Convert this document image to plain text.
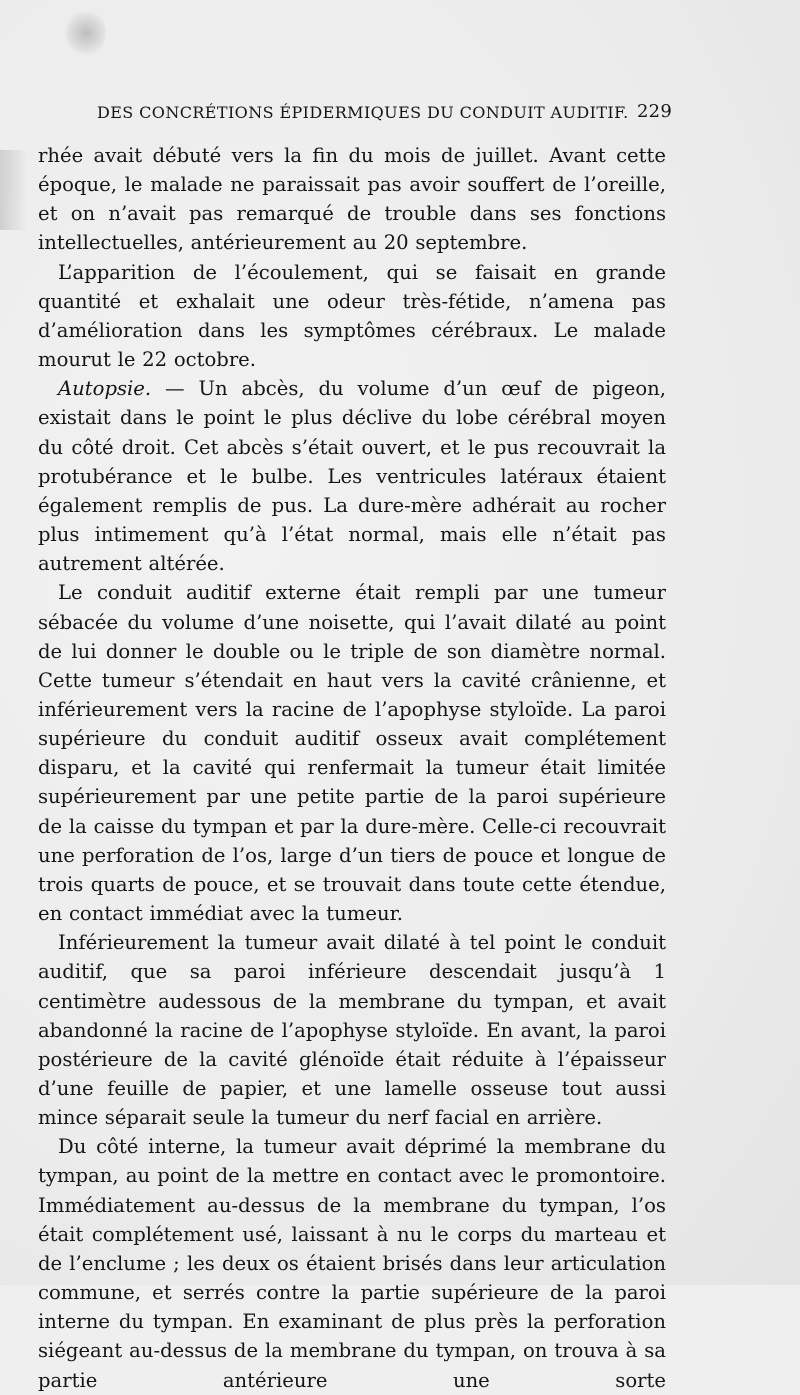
DES CONCRÉTIONS ÉPIDERMIQUES DU CONDUIT AUDITIF. 229

rhée avait débuté vers la fin du mois de juillet. Avant cette époque, le malade ne paraissait pas avoir souffert de l’oreille, et on n’avait pas remarqué de trouble dans ses fonctions intellectuelles, antérieurement au 20 septembre.

L’apparition de l’écoulement, qui se faisait en grande quantité et exhalait une odeur très-fétide, n’amena pas d’amélioration dans les symptômes cérébraux. Le malade mourut le 22 octobre.

Autopsie. — Un abcès, du volume d’un œuf de pigeon, existait dans le point le plus déclive du lobe cérébral moyen du côté droit. Cet abcès s’était ouvert, et le pus recouvrait la protubérance et le bulbe. Les ventricules latéraux étaient également remplis de pus. La dure-mère adhérait au rocher plus intimement qu’à l’état normal, mais elle n’était pas autrement altérée.

Le conduit auditif externe était rempli par une tumeur sébacée du volume d’une noisette, qui l’avait dilaté au point de lui donner le double ou le triple de son diamètre normal. Cette tumeur s’étendait en haut vers la cavité crânienne, et inférieurement vers la racine de l’apophyse styloïde. La paroi supérieure du conduit auditif osseux avait complétement disparu, et la cavité qui renfermait la tumeur était limitée supérieurement par une petite partie de la paroi supérieure de la caisse du tympan et par la dure-mère. Celle-ci recouvrait une perforation de l’os, large d’un tiers de pouce et longue de trois quarts de pouce, et se trouvait dans toute cette étendue, en contact immédiat avec la tumeur.

Inférieurement la tumeur avait dilaté à tel point le conduit auditif, que sa paroi inférieure descendait jusqu’à 1 centimètre audessous de la membrane du tympan, et avait abandonné la racine de l’apophyse styloïde. En avant, la paroi postérieure de la cavité glénoïde était réduite à l’épaisseur d’une feuille de papier, et une lamelle osseuse tout aussi mince séparait seule la tumeur du nerf facial en arrière.

Du côté interne, la tumeur avait déprimé la membrane du tympan, au point de la mettre en contact avec le promontoire. Immédiatement au-dessus de la membrane du tympan, l’os était complétement usé, laissant à nu le corps du marteau et de l’enclume ; les deux os étaient brisés dans leur articulation commune, et serrés contre la partie supérieure de la paroi interne du tympan. En examinant de plus près la perforation siégeant au-dessus de la membrane du tympan, on trouva à sa partie antérieure une sorte
